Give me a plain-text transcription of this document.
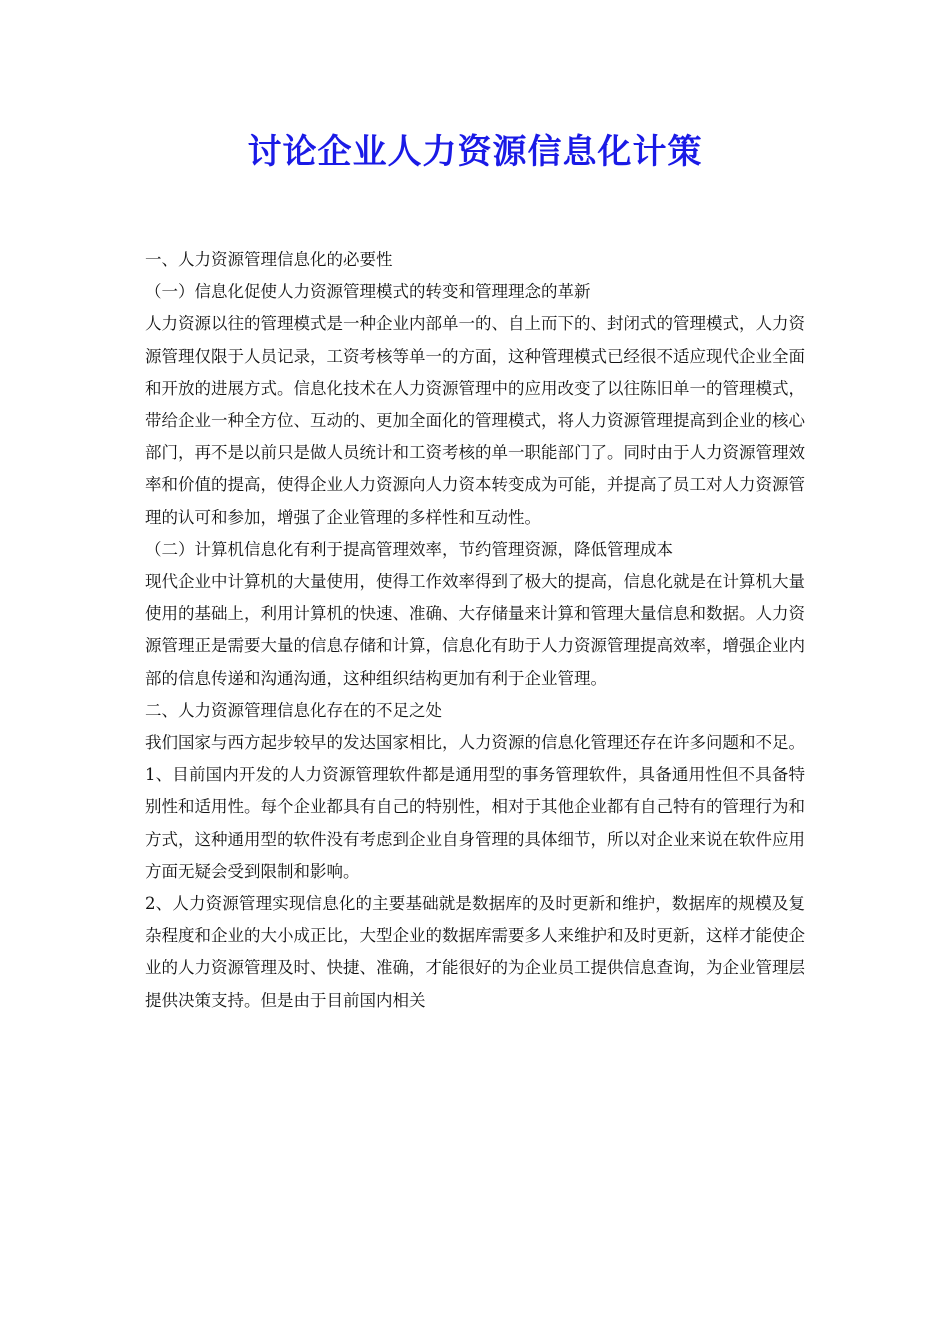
讨论企业人力资源信息化计策
一、人力资源管理信息化的必要性
（一）信息化促使人力资源管理模式的转变和管理理念的革新
人力资源以往的管理模式是一种企业内部单一的、自上而下的、封闭式的管理模式，人力资源管理仅限于人员记录，工资考核等单一的方面，这种管理模式已经很不适应现代企业全面和开放的进展方式。信息化技术在人力资源管理中的应用改变了以往陈旧单一的管理模式，带给企业一种全方位、互动的、更加全面化的管理模式，将人力资源管理提高到企业的核心部门，再不是以前只是做人员统计和工资考核的单一职能部门了。同时由于人力资源管理效率和价值的提高，使得企业人力资源向人力资本转变成为可能，并提高了员工对人力资源管理的认可和参加，增强了企业管理的多样性和互动性。
（二）计算机信息化有利于提高管理效率，节约管理资源，降低管理成本
现代企业中计算机的大量使用，使得工作效率得到了极大的提高，信息化就是在计算机大量使用的基础上，利用计算机的快速、准确、大存储量来计算和管理大量信息和数据。人力资源管理正是需要大量的信息存储和计算，信息化有助于人力资源管理提高效率，增强企业内部的信息传递和沟通沟通，这种组织结构更加有利于企业管理。
二、人力资源管理信息化存在的不足之处
我们国家与西方起步较早的发达国家相比，人力资源的信息化管理还存在许多问题和不足。
1、目前国内开发的人力资源管理软件都是通用型的事务管理软件，具备通用性但不具备特别性和适用性。每个企业都具有自己的特别性，相对于其他企业都有自己特有的管理行为和方式，这种通用型的软件没有考虑到企业自身管理的具体细节，所以对企业来说在软件应用方面无疑会受到限制和影响。
2、人力资源管理实现信息化的主要基础就是数据库的及时更新和维护，数据库的规模及复杂程度和企业的大小成正比，大型企业的数据库需要多人来维护和及时更新，这样才能使企业的人力资源管理及时、快捷、准确，才能很好的为企业员工提供信息查询，为企业管理层提供决策支持。但是由于目前国内相关
